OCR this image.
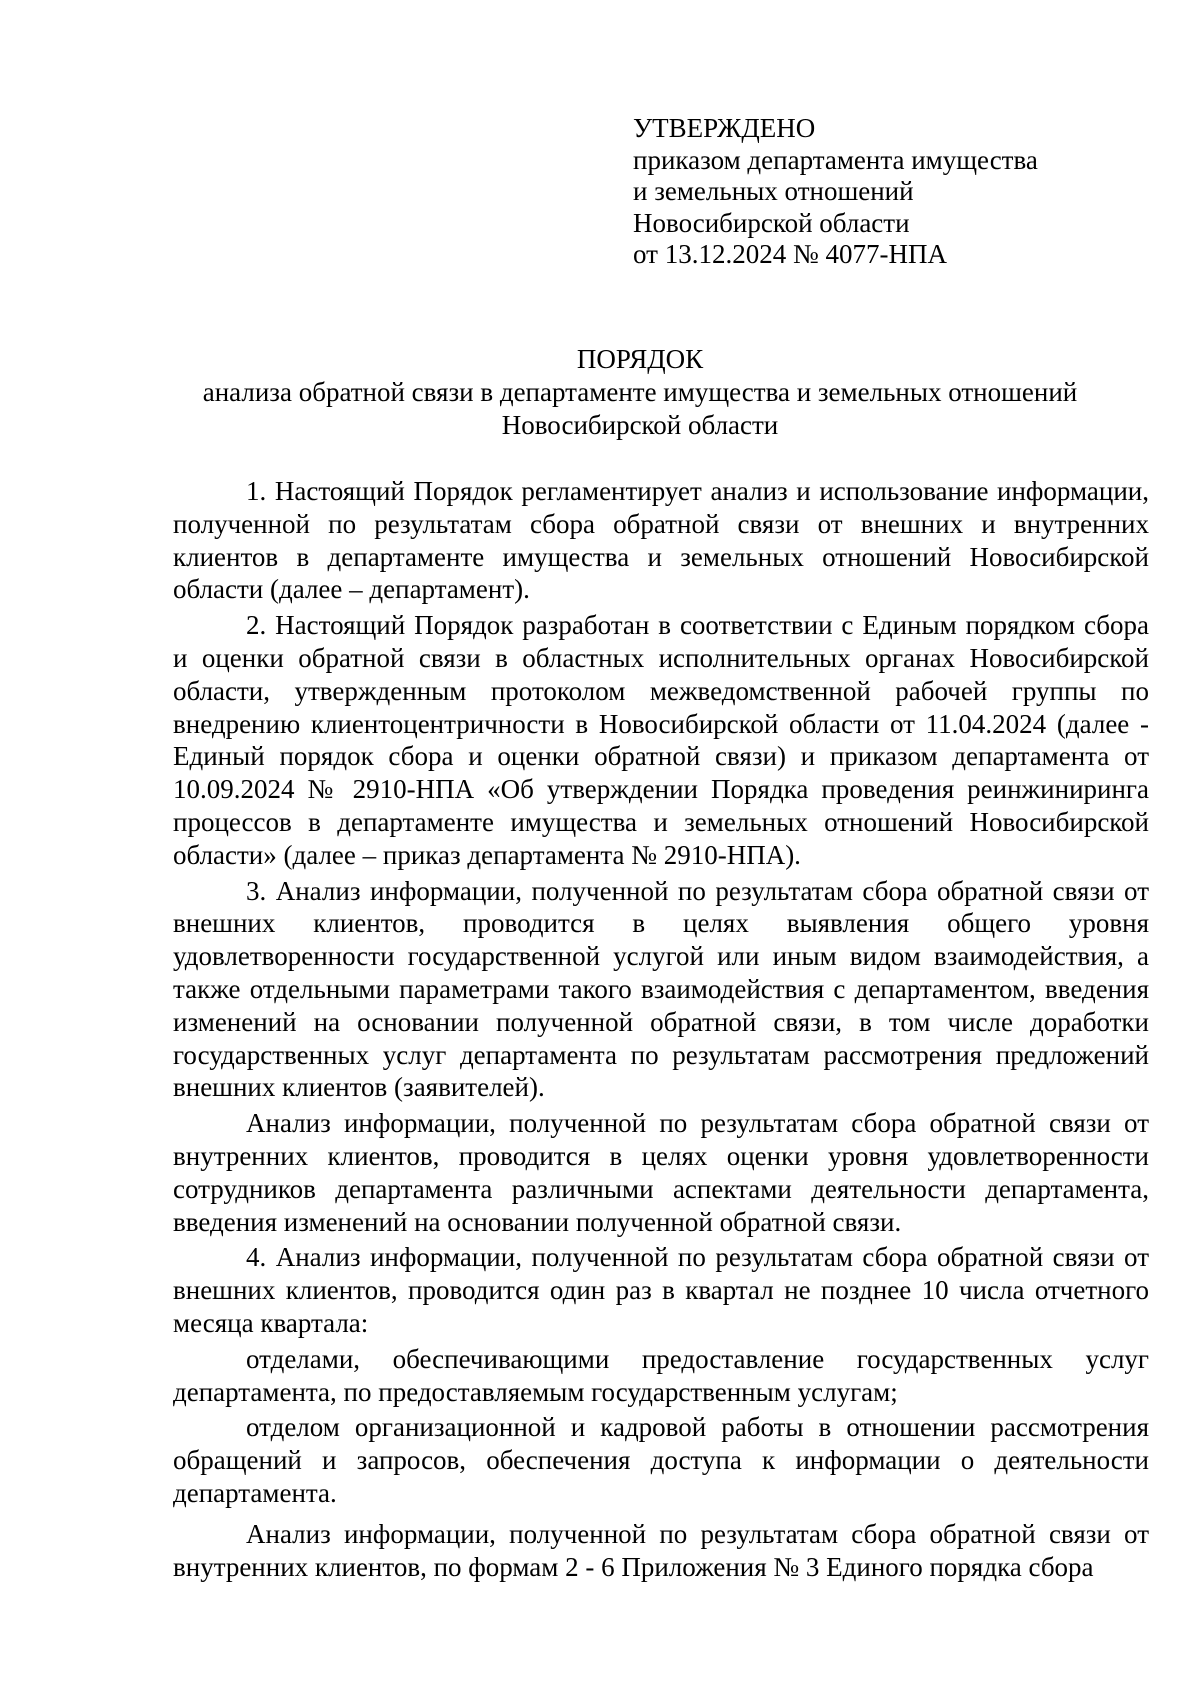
УТВЕРЖДЕНО
приказом департамента имущества
и земельных отношений
Новосибирской области
от 13.12.2024 № 4077-НПА
ПОРЯДОК
анализа обратной связи в департаменте имущества и земельных отношений
Новосибирской области

1. Настоящий Порядок регламентирует анализ и использование информации, полученной по результатам сбора обратной связи от внешних и внутренних клиентов в департаменте имущества и земельных отношений Новосибирской области (далее – департамент).

2. Настоящий Порядок разработан в соответствии с Единым порядком сбора и оценки обратной связи в областных исполнительных органах Новосибирской области, утвержденным протоколом межведомственной рабочей группы по внедрению клиентоцентричности в Новосибирской области от 11.04.2024 (далее - Единый порядок сбора и оценки обратной связи) и приказом департамента от 10.09.2024 № 2910-НПА «Об утверждении Порядка проведения реинжиниринга процессов в департаменте имущества и земельных отношений Новосибирской области» (далее – приказ департамента № 2910-НПА).

3. Анализ информации, полученной по результатам сбора обратной связи от внешних клиентов, проводится в целях выявления общего уровня удовлетворенности государственной услугой или иным видом взаимодействия, а также отдельными параметрами такого взаимодействия с департаментом, введения изменений на основании полученной обратной связи, в том числе доработки государственных услуг департамента по результатам рассмотрения предложений внешних клиентов (заявителей).

Анализ информации, полученной по результатам сбора обратной связи от внутренних клиентов, проводится в целях оценки уровня удовлетворенности сотрудников департамента различными аспектами деятельности департамента, введения изменений на основании полученной обратной связи.

4. Анализ информации, полученной по результатам сбора обратной связи от внешних клиентов, проводится один раз в квартал не позднее 10 числа отчетного месяца квартала:

отделами, обеспечивающими предоставление государственных услуг департамента, по предоставляемым государственным услугам;

отделом организационной и кадровой работы в отношении рассмотрения обращений и запросов, обеспечения доступа к информации о деятельности департамента.

Анализ информации, полученной по результатам сбора обратной связи от внутренних клиентов, по формам 2 - 6 Приложения № 3 Единого порядка сбора
